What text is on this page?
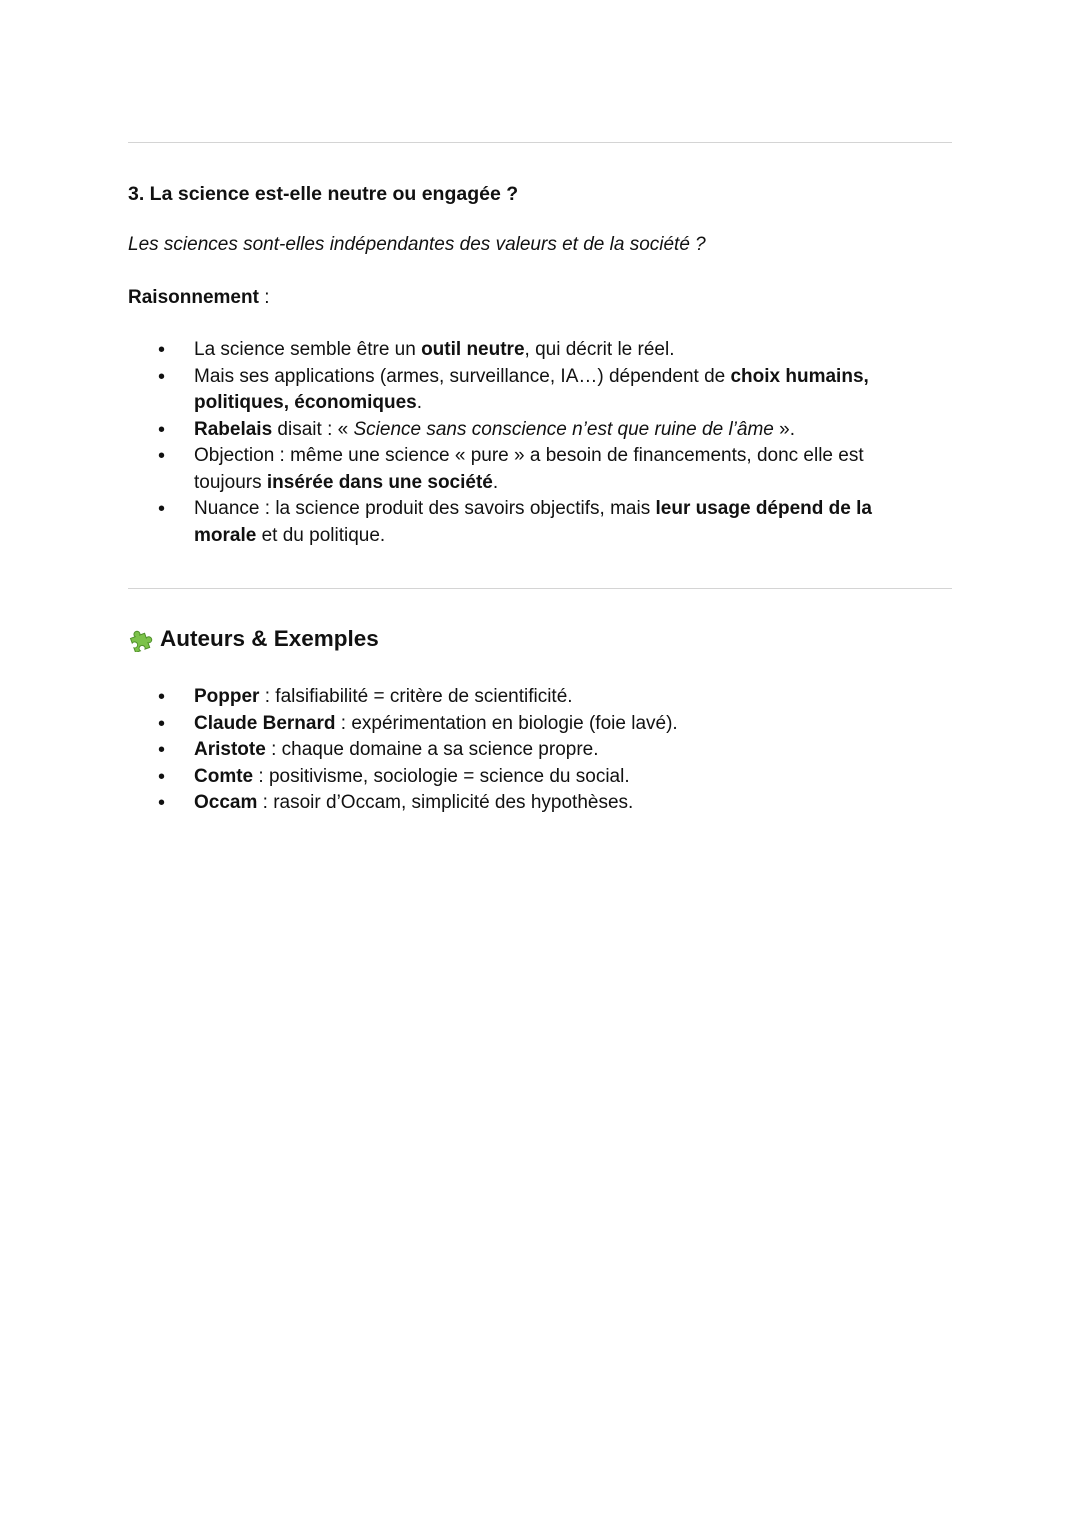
3. La science est-elle neutre ou engagée ?
Les sciences sont-elles indépendantes des valeurs et de la société ?
Raisonnement :
• La science semble être un outil neutre, qui décrit le réel.
• Mais ses applications (armes, surveillance, IA…) dépendent de choix humains, politiques, économiques.
• Rabelais disait : « Science sans conscience n’est que ruine de l’âme ».
• Objection : même une science « pure » a besoin de financements, donc elle est toujours insérée dans une société.
• Nuance : la science produit des savoirs objectifs, mais leur usage dépend de la morale et du politique.
Auteurs & Exemples
• Popper : falsifiabilité = critère de scientificité.
• Claude Bernard : expérimentation en biologie (foie lavé).
• Aristote : chaque domaine a sa science propre.
• Comte : positivisme, sociologie = science du social.
• Occam : rasoir d’Occam, simplicité des hypothèses.
